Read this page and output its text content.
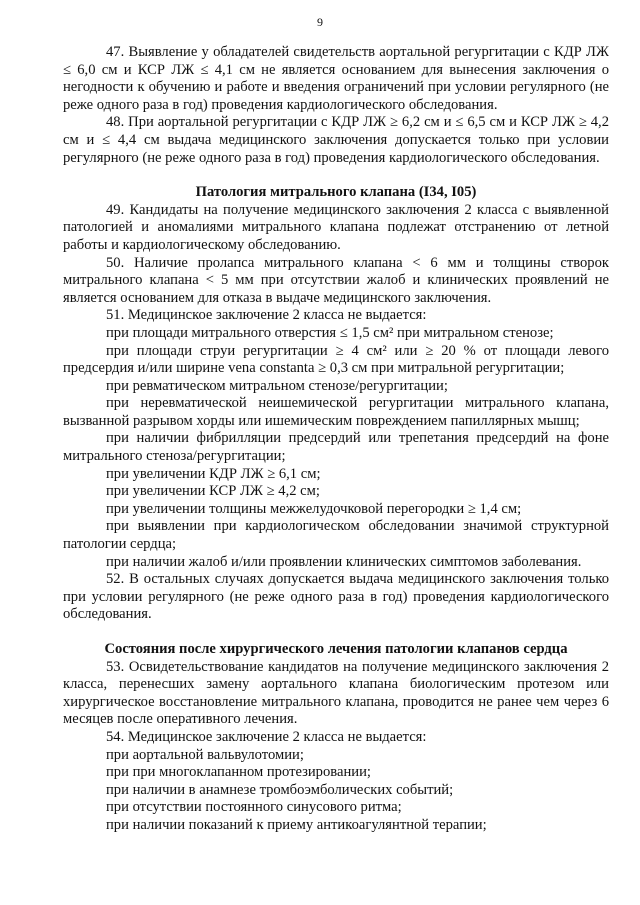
9

47. Выявление у обладателей свидетельств аортальной регургитации с КДР ЛЖ ≤ 6,0 см и КСР ЛЖ ≤ 4,1 см не является основанием для вынесения заключения о негодности к обучению и работе и введения ограничений при условии регулярного (не реже одного раза в год) проведения кардиологического обследования.

48. При аортальной регургитации с КДР ЛЖ ≥ 6,2 см и ≤ 6,5 см и КСР ЛЖ ≥ 4,2 см и ≤ 4,4 см выдача медицинского заключения допускается только при условии регулярного (не реже одного раза в год) проведения кардиологического обследования.

Патология митрального клапана (I34, I05)

49. Кандидаты на получение медицинского заключения 2 класса с выявленной патологией и аномалиями митрального клапана подлежат отстранению от летной работы и кардиологическому обследованию.

50. Наличие пролапса митрального клапана < 6 мм и толщины створок митрального клапана < 5 мм при отсутствии жалоб и клинических проявлений не является основанием для отказа в выдаче медицинского заключения.

51. Медицинское заключение 2 класса не выдается:

при площади митрального отверстия ≤ 1,5 см² при митральном стенозе;

при площади струи регургитации ≥ 4 см² или ≥ 20 % от площади левого предсердия и/или ширине vena constanta ≥ 0,3 см при митральной регургитации;

при ревматическом митральном стенозе/регургитации;

при неревматической неишемической регургитации митрального клапана, вызванной разрывом хорды или ишемическим повреждением папиллярных мышц;

при наличии фибрилляции предсердий или трепетания предсердий на фоне митрального стеноза/регургитации;

при увеличении КДР ЛЖ ≥ 6,1 см;

при увеличении КСР ЛЖ ≥ 4,2 см;

при увеличении толщины межжелудочковой перегородки ≥ 1,4 см;

при выявлении при кардиологическом обследовании значимой структурной патологии сердца;

при наличии жалоб и/или проявлении клинических симптомов заболевания.

52. В остальных случаях допускается выдача медицинского заключения только при условии регулярного (не реже одного раза в год) проведения кардиологического обследования.

Состояния после хирургического лечения патологии клапанов сердца

53. Освидетельствование кандидатов на получение медицинского заключения 2 класса, перенесших замену аортального клапана биологическим протезом или хирургическое восстановление митрального клапана, проводится не ранее чем через 6 месяцев после оперативного лечения.

54. Медицинское заключение 2 класса не выдается:

при аортальной вальвулотомии;

при при многоклапанном протезировании;

при наличии в анамнезе тромбоэмболических событий;

при отсутствии постоянного синусового ритма;

при наличии показаний к приему антикоагулянтной терапии;
